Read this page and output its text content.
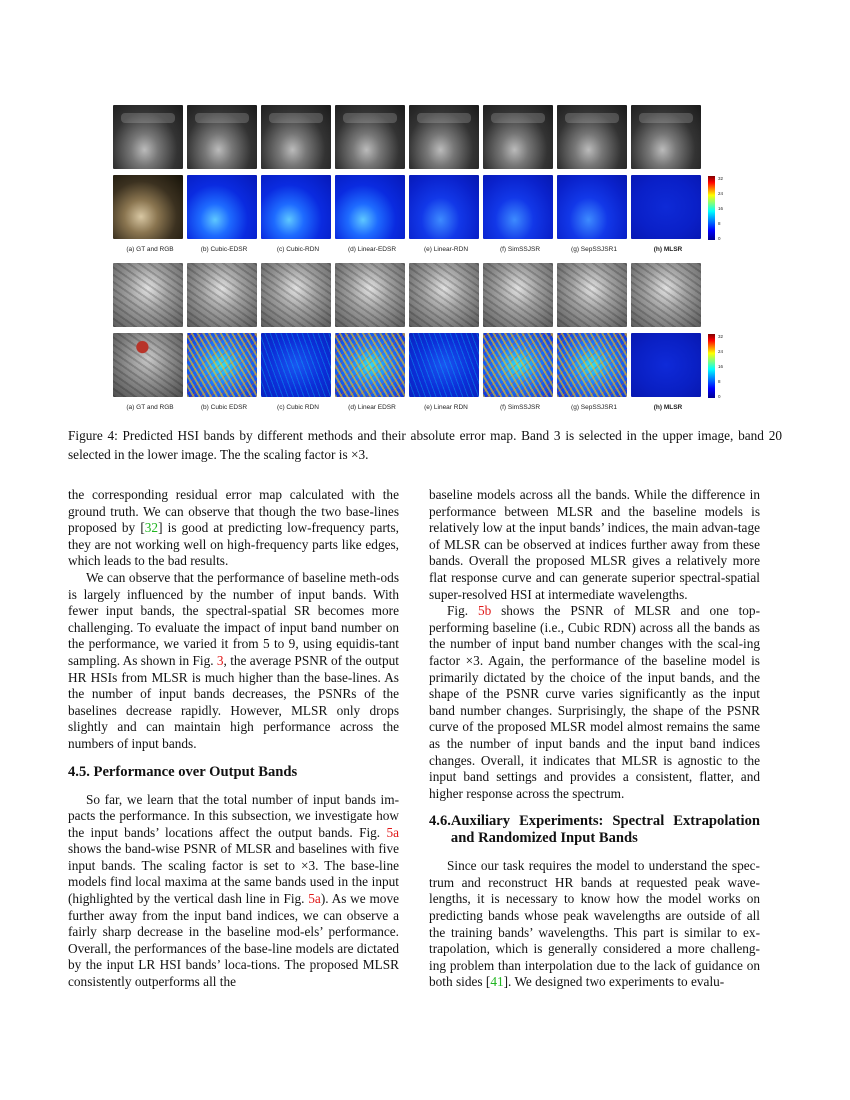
32
24
16
8
0
(a) GT and RGB	(b) Cubic-EDSR	(c) Cubic-RDN	(d) Linear-EDSR	(e) Linear-RDN	(f) SimSSJSR	(g) SepSSJSR1	(h) MLSR
32
24
16
8
0
(a) GT and RGB	(b) Cubic EDSR	(c) Cubic RDN	(d) Linear EDSR	(e) Linear RDN	(f) SimSSJSR	(g) SepSSJSR1	(h) MLSR
Figure 4: Predicted HSI bands by different methods and their absolute error map. Band 3 is selected in the upper image, band 20 selected in the lower image. The the scaling factor is ×3.

the corresponding residual error map calculated with the ground truth. We can observe that though the two base-lines proposed by [32] is good at predicting low-frequency parts, they are not working well on high-frequency parts like edges, which leads to the bad results.

We can observe that the performance of baseline meth-ods is largely influenced by the number of input bands. With fewer input bands, the spectral-spatial SR becomes more challenging. To evaluate the impact of input band number on the performance, we varied it from 5 to 9, using equidis-tant sampling. As shown in Fig. 3, the average PSNR of the output HR HSIs from MLSR is much higher than the base-lines. As the number of input bands decreases, the PSNRs of the baselines decrease rapidly. However, MLSR only drops slightly and can maintain high performance across the numbers of input bands.

4.5. Performance over Output Bands

So far, we learn that the total number of input bands im-pacts the performance. In this subsection, we investigate how the input bands’ locations affect the output bands. Fig. 5a shows the band-wise PSNR of MLSR and baselines with five input bands. The scaling factor is set to ×3. The base-line models find local maxima at the same bands used in the input (highlighted by the vertical dash line in Fig. 5a). As we move further away from the input band indices, we can observe a fairly sharp decrease in the baseline mod-els’ performance. Overall, the performances of the base-line models are dictated by the input LR HSI bands’ loca-tions. The proposed MLSR consistently outperforms all the

baseline models across all the bands. While the difference in performance between MLSR and the baseline models is relatively low at the input bands’ indices, the main advan-tage of MLSR can be observed at indices further away from these bands. Overall the proposed MLSR gives a relatively more flat response curve and can generate superior spectral-spatial super-resolved HSI at intermediate wavelengths.

Fig. 5b shows the PSNR of MLSR and one top-performing baseline (i.e., Cubic RDN) across all the bands as the number of input band number changes with the scal-ing factor ×3. Again, the performance of the baseline model is primarily dictated by the choice of the input bands, and the shape of the PSNR curve varies significantly as the input band number changes. Surprisingly, the shape of the PSNR curve of the proposed MLSR model almost remains the same as the number of input bands and the input band indices changes. Overall, it indicates that MLSR is agnostic to the input band settings and provides a consistent, flatter, and higher response across the spectrum.

4.6. Auxiliary Experiments: Spectral Extrapolation and Randomized Input Bands

Since our task requires the model to understand the spec-trum and reconstruct HR bands at requested peak wave-lengths, it is necessary to know how the model works on predicting bands whose peak wavelengths are outside of all the training bands’ wavelengths. This part is similar to ex-trapolation, which is generally considered a more challeng-ing problem than interpolation due to the lack of guidance on both sides [41]. We designed two experiments to evalu-
